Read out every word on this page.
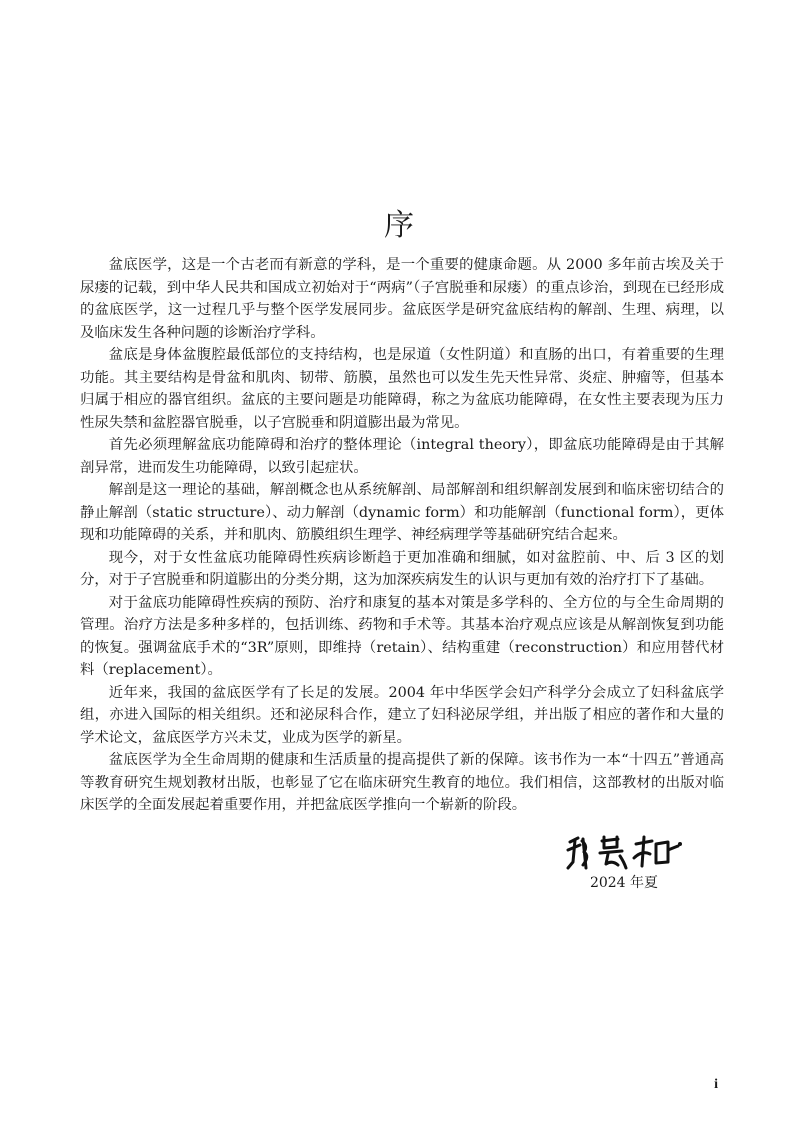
序

盆底医学，这是一个古老而有新意的学科，是一个重要的健康命题。从 2000 多年前古埃及关于尿瘘的记载，到中华人民共和国成立初始对于“两病”（子宫脱垂和尿瘘）的重点诊治，到现在已经形成的盆底医学，这一过程几乎与整个医学发展同步。盆底医学是研究盆底结构的解剖、生理、病理，以及临床发生各种问题的诊断治疗学科。

盆底是身体盆腹腔最低部位的支持结构，也是尿道（女性阴道）和直肠的出口，有着重要的生理功能。其主要结构是骨盆和肌肉、韧带、筋膜，虽然也可以发生先天性异常、炎症、肿瘤等，但基本归属于相应的器官组织。盆底的主要问题是功能障碍，称之为盆底功能障碍，在女性主要表现为压力性尿失禁和盆腔器官脱垂，以子宫脱垂和阴道膨出最为常见。

首先必须理解盆底功能障碍和治疗的整体理论（integral theory），即盆底功能障碍是由于其解剖异常，进而发生功能障碍，以致引起症状。

解剖是这一理论的基础，解剖概念也从系统解剖、局部解剖和组织解剖发展到和临床密切结合的静止解剖（static structure）、动力解剖（dynamic form）和功能解剖（functional form），更体现和功能障碍的关系，并和肌肉、筋膜组织生理学、神经病理学等基础研究结合起来。

现今，对于女性盆底功能障碍性疾病诊断趋于更加准确和细腻，如对盆腔前、中、后 3 区的划分，对于子宫脱垂和阴道膨出的分类分期，这为加深疾病发生的认识与更加有效的治疗打下了基础。

对于盆底功能障碍性疾病的预防、治疗和康复的基本对策是多学科的、全方位的与全生命周期的管理。治疗方法是多种多样的，包括训练、药物和手术等。其基本治疗观点应该是从解剖恢复到功能的恢复。强调盆底手术的“3R”原则，即维持（retain）、结构重建（reconstruction）和应用替代材料（replacement）。

近年来，我国的盆底医学有了长足的发展。2004 年中华医学会妇产科学分会成立了妇科盆底学组，亦进入国际的相关组织。还和泌尿科合作，建立了妇科泌尿学组，并出版了相应的著作和大量的学术论文，盆底医学方兴未艾，业成为医学的新星。

盆底医学为全生命周期的健康和生活质量的提高提供了新的保障。该书作为一本“十四五”普通高等教育研究生规划教材出版，也彰显了它在临床研究生教育的地位。我们相信，这部教材的出版对临床医学的全面发展起着重要作用，并把盆底医学推向一个崭新的阶段。

2024 年夏
i
